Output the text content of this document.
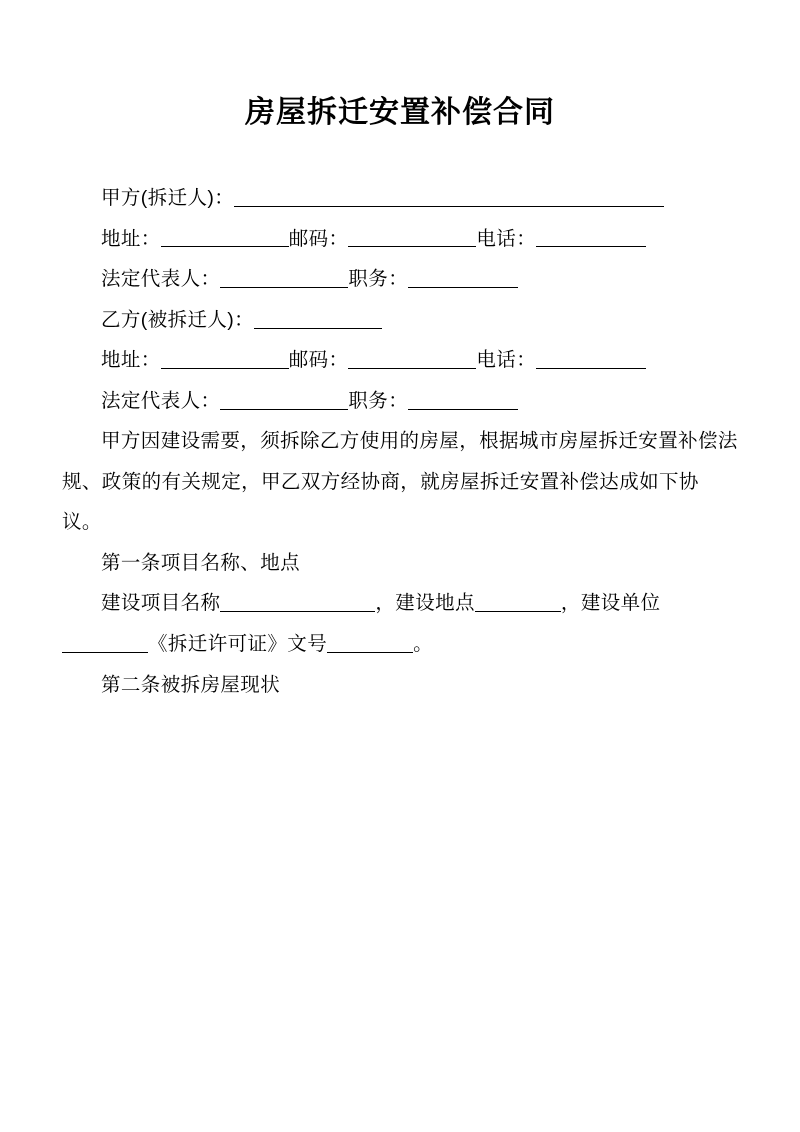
房屋拆迁安置补偿合同

甲方(拆迁人)：

地址：	邮码：	电话：

法定代表人：	职务：

乙方(被拆迁人)：

地址：	邮码：	电话：

法定代表人：	职务：

甲方因建设需要，须拆除乙方使用的房屋，根据城市房屋拆迁安置补偿法规、政策的有关规定，甲乙双方经协商，就房屋拆迁安置补偿达成如下协议。

第一条项目名称、地点

建设项目名称	，建设地点	，建设单位《拆迁许可证》文号	。

第二条被拆房屋现状
